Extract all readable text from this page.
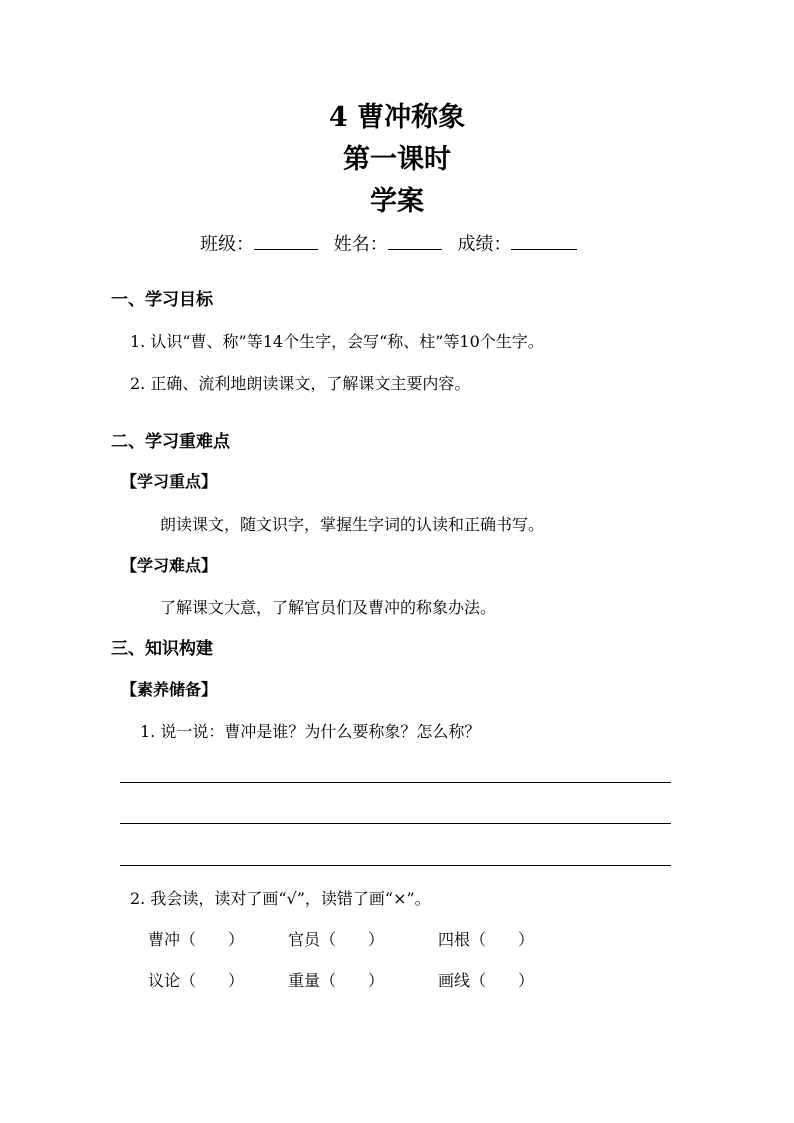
4 曹冲称象
第一课时
学案
班级：	姓名：	成绩：
一、学习目标
1. 认识“曹、称”等14个生字，会写“称、柱”等10个生字。
2. 正确、流利地朗读课文，了解课文主要内容。
二、学习重难点
【学习重点】
朗读课文，随文识字，掌握生字词的认读和正确书写。
【学习难点】
了解课文大意，了解官员们及曹冲的称象办法。
三、知识构建
【素养储备】
1. 说一说：曹冲是谁？为什么要称象？怎么称？
2. 我会读，读对了画“√”，读错了画“×”。
曹冲（　　）	官员（　　）	四根（　　）
议论（　　）	重量（　　）	画线（　　）
